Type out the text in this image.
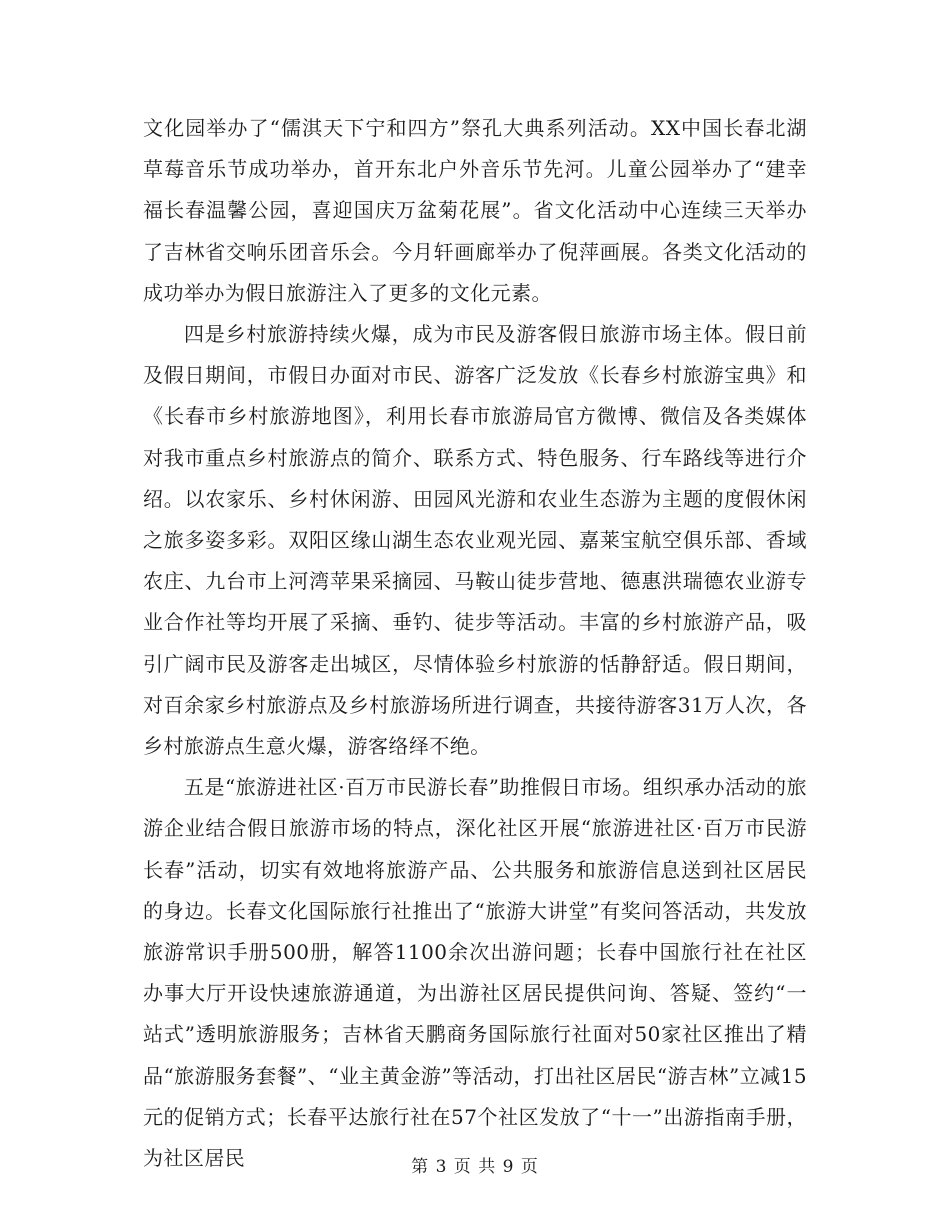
文化园举办了“儒淇天下宁和四方”祭孔大典系列活动。XX中国长春北湖草莓音乐节成功举办，首开东北户外音乐节先河。儿童公园举办了“建幸福长春温馨公园，喜迎国庆万盆菊花展”。省文化活动中心连续三天举办了吉林省交响乐团音乐会。今月轩画廊举办了倪萍画展。各类文化活动的成功举办为假日旅游注入了更多的文化元素。

四是乡村旅游持续火爆，成为市民及游客假日旅游市场主体。假日前及假日期间，市假日办面对市民、游客广泛发放《长春乡村旅游宝典》和《长春市乡村旅游地图》，利用长春市旅游局官方微博、微信及各类媒体对我市重点乡村旅游点的简介、联系方式、特色服务、行车路线等进行介绍。以农家乐、乡村休闲游、田园风光游和农业生态游为主题的度假休闲之旅多姿多彩。双阳区缘山湖生态农业观光园、嘉莱宝航空俱乐部、香域农庄、九台市上河湾苹果采摘园、马鞍山徒步营地、德惠洪瑞德农业游专业合作社等均开展了采摘、垂钓、徒步等活动。丰富的乡村旅游产品，吸引广阔市民及游客走出城区，尽情体验乡村旅游的恬静舒适。假日期间，对百余家乡村旅游点及乡村旅游场所进行调查，共接待游客31万人次，各乡村旅游点生意火爆，游客络绎不绝。

五是“旅游进社区·百万市民游长春”助推假日市场。组织承办活动的旅游企业结合假日旅游市场的特点，深化社区开展“旅游进社区·百万市民游长春”活动，切实有效地将旅游产品、公共服务和旅游信息送到社区居民的身边。长春文化国际旅行社推出了“旅游大讲堂”有奖问答活动，共发放旅游常识手册500册，解答1100余次出游问题；长春中国旅行社在社区办事大厅开设快速旅游通道，为出游社区居民提供问询、答疑、签约“一站式”透明旅游服务；吉林省天鹏商务国际旅行社面对50家社区推出了精品“旅游服务套餐”、“业主黄金游”等活动，打出社区居民“游吉林”立减15元的促销方式；长春平达旅行社在57个社区发放了“十一”出游指南手册，为社区居民	第 3 页 共 9 页
